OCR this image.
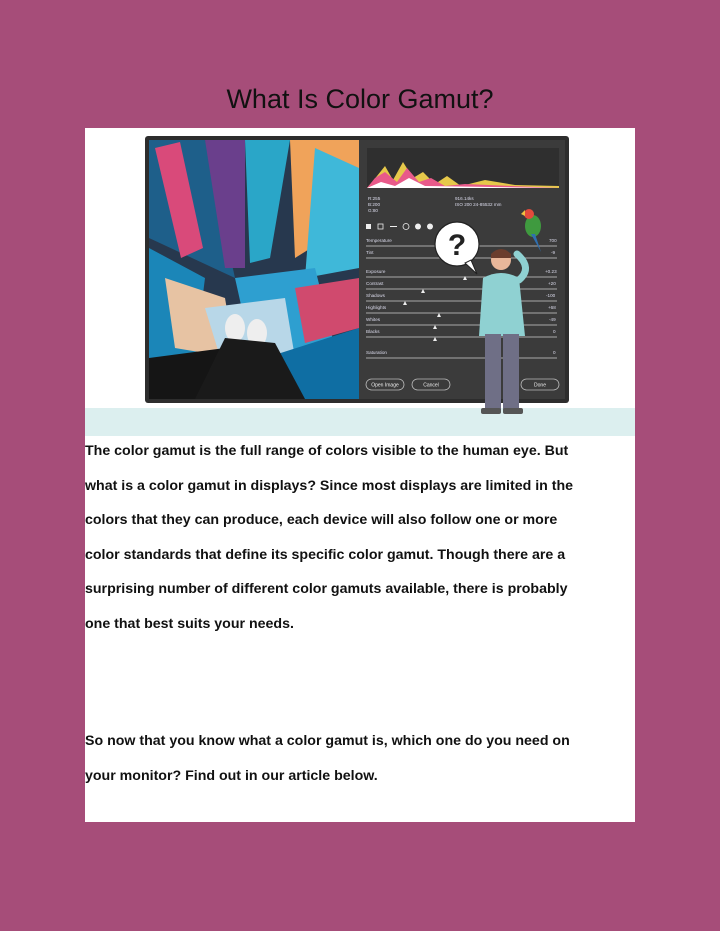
What Is Color Gamut?
R:255
B:200
G:80
916.14ks
ISO 200 24-85532 mm
Temperature	700
Tint	-9
Exposure	+0.23
Contrast	+20
Shadows	-100
Highlights	+68
Whites	-49
Blacks	0
Saturation	0
Open Image	Cancel	Done
?

The color gamut is the full range of colors visible to the human eye. But
what is a color gamut in displays? Since most displays are limited in the
colors that they can produce, each device will also follow one or more
color standards that define its specific color gamut. Though there are a
surprising number of different color gamuts available, there is probably
one that best suits your needs.

So now that you know what a color gamut is, which one do you need on
your monitor? Find out in our article below.
